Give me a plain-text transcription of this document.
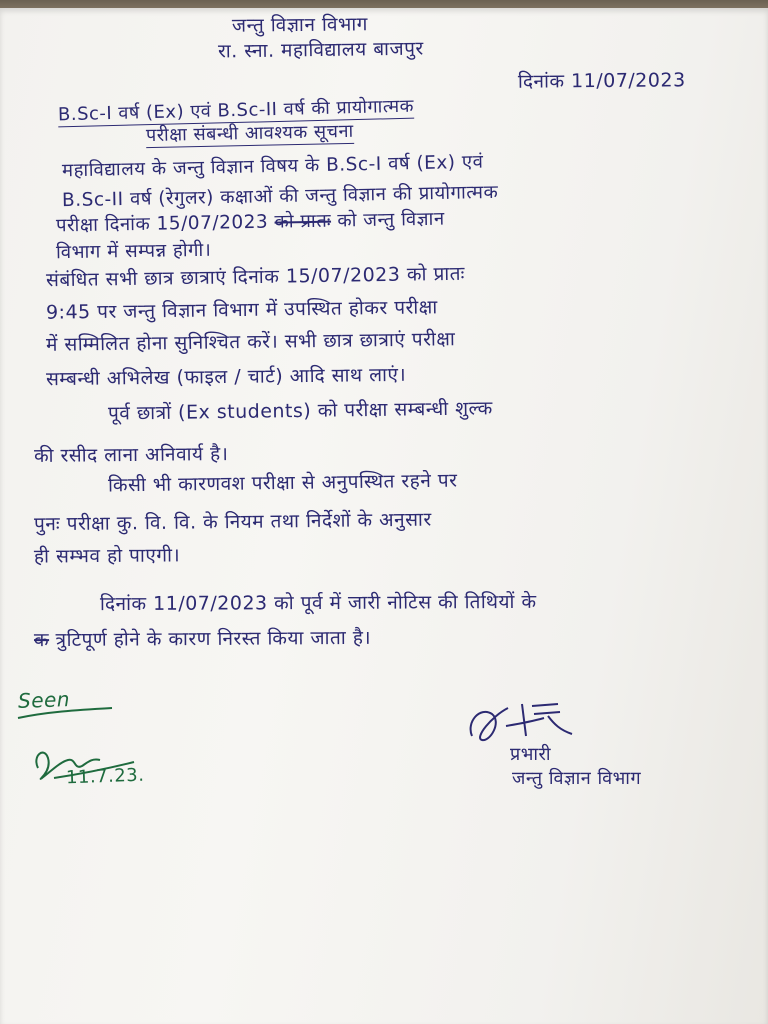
जन्तु विज्ञान विभाग
रा. स्ना. महाविद्यालय बाजपुर
दिनांक 11/07/2023
B.Sc-I वर्ष (Ex) एवं B.Sc-II वर्ष की प्रायोगात्मक
परीक्षा संबन्धी आवश्यक सूचना
महाविद्यालय के जन्तु विज्ञान विषय के B.Sc-I वर्ष (Ex) एवं
B.Sc-II वर्ष (रेगुलर) कक्षाओं की जन्तु विज्ञान की प्रायोगात्मक
परीक्षा दिनांक 15/07/2023 को प्रातः को जन्तु विज्ञान
विभाग में सम्पन्न होगी।
संबंधित सभी छात्र छात्राएं दिनांक 15/07/2023 को प्रातः
9:45 पर जन्तु विज्ञान विभाग में उपस्थित होकर परीक्षा
में सम्मिलित होना सुनिश्चित करें। सभी छात्र छात्राएं परीक्षा
सम्बन्धी अभिलेख (फाइल / चार्ट) आदि साथ लाएं।
पूर्व छात्रों (Ex students) को परीक्षा सम्बन्धी शुल्क
की रसीद लाना अनिवार्य है।
किसी भी कारणवश परीक्षा से अनुपस्थित रहने पर
पुनः परीक्षा कु. वि. वि. के नियम तथा निर्देशों के अनुसार
ही सम्भव हो पाएगी।
दिनांक 11/07/2023 को पूर्व में जारी नोटिस की तिथियों के
क त्रुटिपूर्ण होने के कारण निरस्त किया जाता है।
Seen
11.7.23.
प्रभारी
जन्तु विज्ञान विभाग
